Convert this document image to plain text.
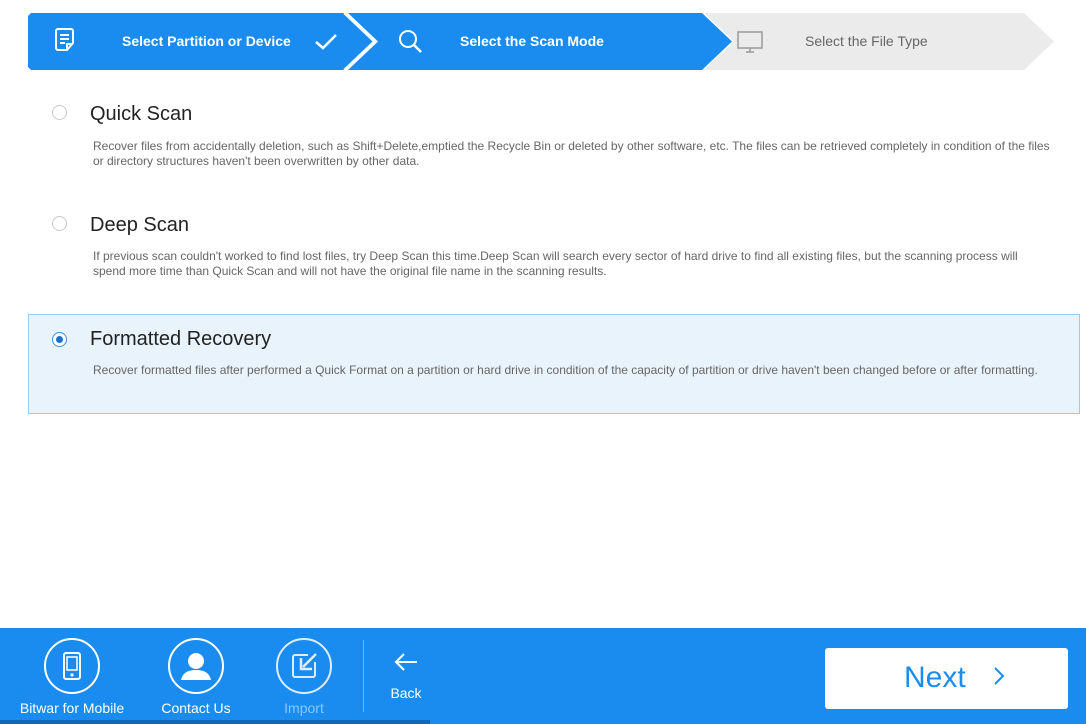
Select Partition or Device	Select the Scan Mode	Select the File Type
Quick Scan
Recover files from accidentally deletion, such as Shift+Delete,emptied the Recycle Bin or deleted by other software, etc. The files can be retrieved completely in condition of the files or directory structures haven't been overwritten by other data.
Deep Scan
If previous scan couldn't worked to find lost files, try Deep Scan this time.Deep Scan will search every sector of hard drive to find all existing files, but the scanning process will spend more time than Quick Scan and will not have the original file name in the scanning results.
Formatted Recovery
Recover formatted files after performed a Quick Format on a partition or hard drive in condition of the capacity of partition or drive haven't been changed before or after formatting.
Bitwar for Mobile	Contact Us	Import
Back	Next
